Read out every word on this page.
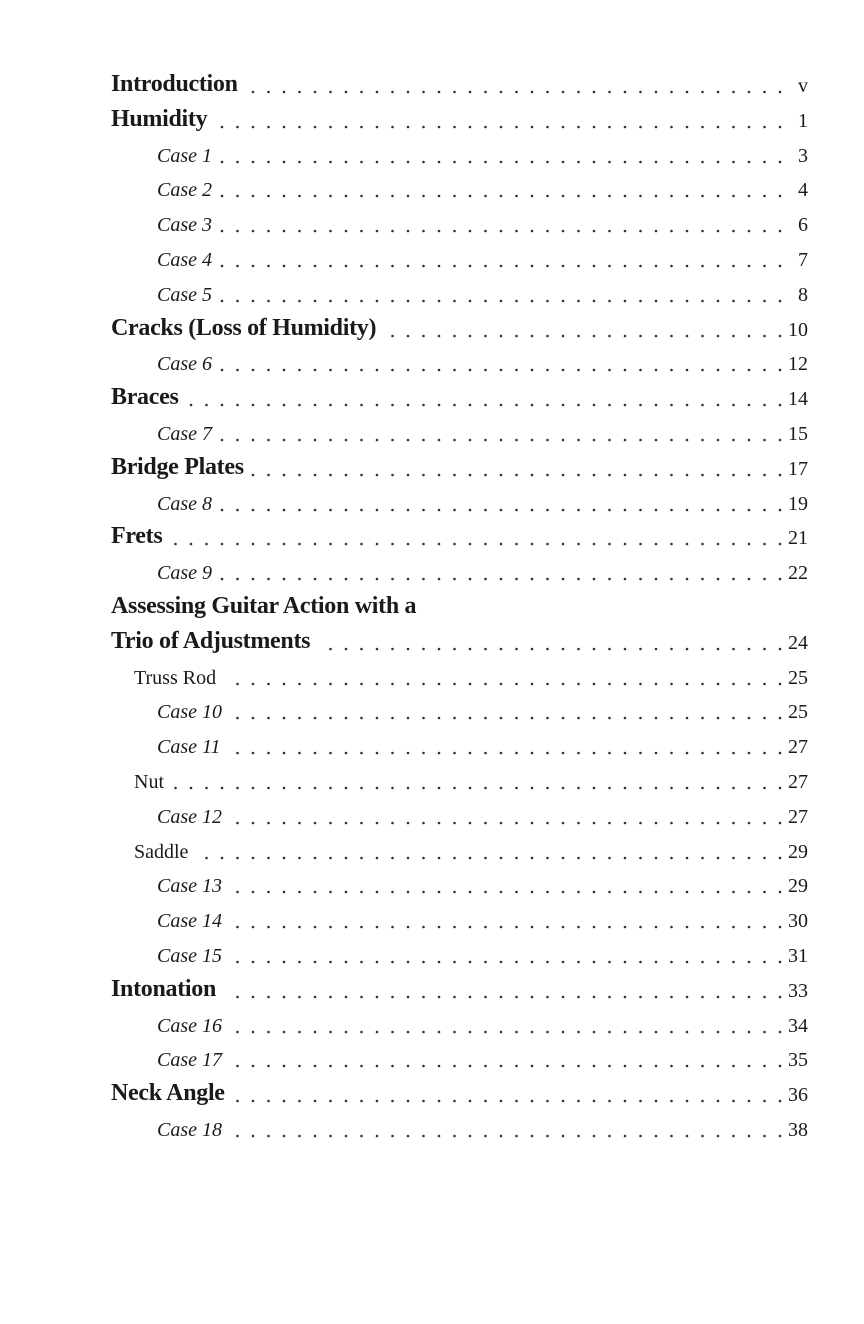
Introduction	v
Humidity	1
Case 1	3
Case 2	4
Case 3	6
Case 4	7
Case 5	8
Cracks (Loss of Humidity)	10
Case 6	12
Braces	14
Case 7	15
Bridge Plates	17
Case 8	19
Frets	21
Case 9	22
Assessing Guitar Action with a
Trio of Adjustments	24
Truss Rod	25
Case 10	25
Case 11	27
Nut	27
Case 12	27
Saddle	29
Case 13	29
Case 14	30
Case 15	31
Intonation	33
Case 16	34
Case 17	35
Neck Angle	36
Case 18	38
